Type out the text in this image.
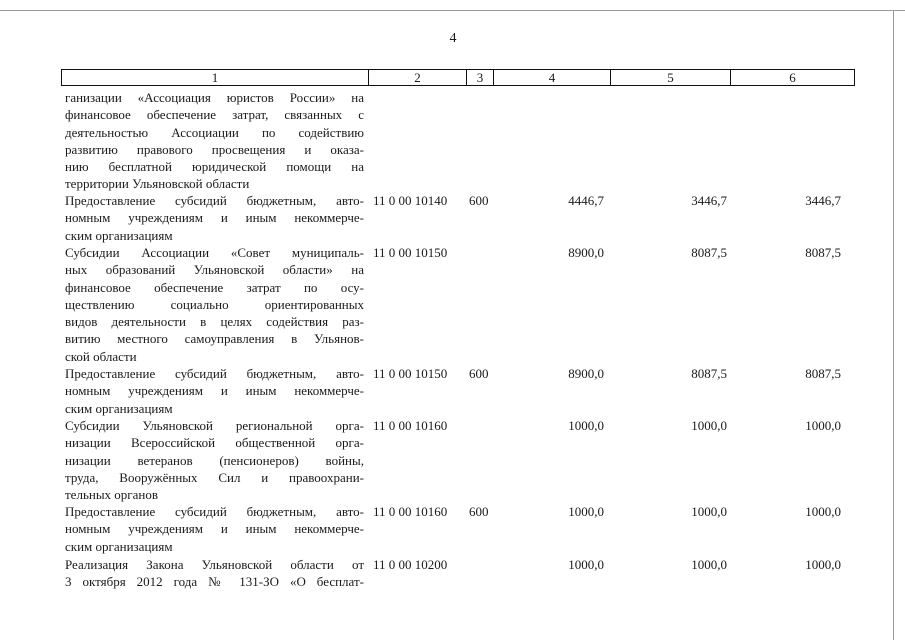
4
1	2	3	4	5	6
ганизации «Ассоциация юристов России» на
финансовое обеспечение затрат, связанных с
деятельностью Ассоциации по содействию
развитию правового просвещения и оказа-
нию бесплатной юридической помощи на
территории Ульяновской области
Предоставление субсидий бюджетным, авто-
номным учреждениям и иным некоммерче-
ским организациям
11 0 00 10140 600	4446,7	3446,7	3446,7
Субсидии Ассоциации «Совет муниципаль-
ных образований Ульяновской области» на
финансовое обеспечение затрат по осу-
ществлению социально ориентированных
видов деятельности в целях содействия раз-
витию местного самоуправления в Ульянов-
ской области
11 0 00 10150	8900,0	8087,5	8087,5
Предоставление субсидий бюджетным, авто-
номным учреждениям и иным некоммерче-
ским организациям
11 0 00 10150 600	8900,0	8087,5	8087,5
Субсидии Ульяновской региональной орга-
низации Всероссийской общественной орга-
низации ветеранов (пенсионеров) войны,
труда, Вооружённых Сил и правоохрани-
тельных органов
11 0 00 10160	1000,0	1000,0	1000,0
Предоставление субсидий бюджетным, авто-
номным учреждениям и иным некоммерче-
ским организациям
11 0 00 10160 600	1000,0	1000,0	1000,0
Реализация Закона Ульяновской области от
3 октября 2012 года № 131-ЗО «О бесплат-
11 0 00 10200	1000,0	1000,0	1000,0
